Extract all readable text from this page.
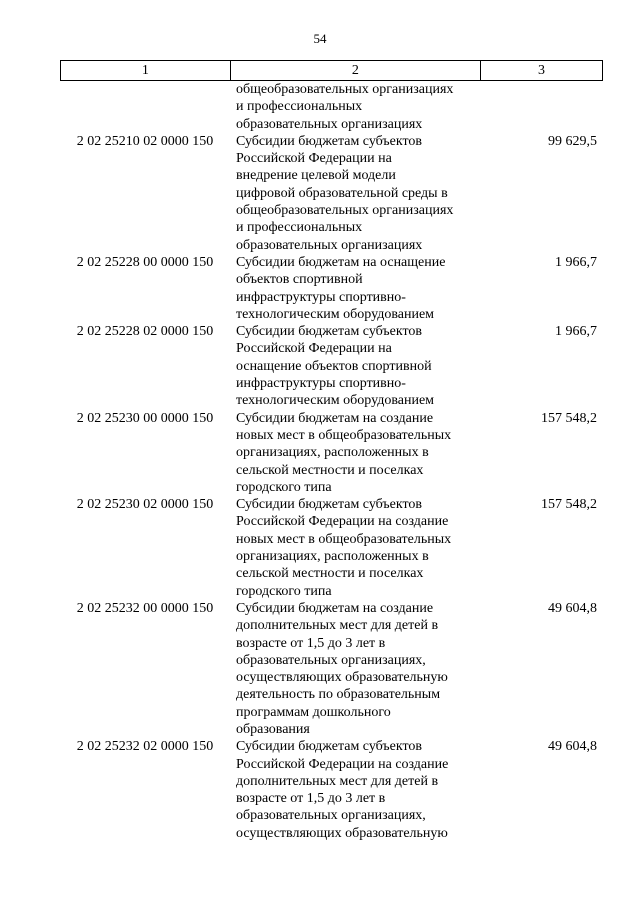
54
1	2	3
общеобразовательных организациях
и профессиональных
образовательных организациях
2 02 25210 02 0000 150	Субсидии бюджетам субъектов
Российской Федерации на
внедрение целевой модели
цифровой образовательной среды в
общеобразовательных организациях
и профессиональных
образовательных организациях
99 629,5
2 02 25228 00 0000 150	Субсидии бюджетам на оснащение
объектов спортивной
инфраструктуры спортивно-
технологическим оборудованием
1 966,7
2 02 25228 02 0000 150	Субсидии бюджетам субъектов
Российской Федерации на
оснащение объектов спортивной
инфраструктуры спортивно-
технологическим оборудованием
1 966,7
2 02 25230 00 0000 150	Субсидии бюджетам на создание
новых мест в общеобразовательных
организациях, расположенных в
сельской местности и поселках
городского типа
157 548,2
2 02 25230 02 0000 150	Субсидии бюджетам субъектов
Российской Федерации на создание
новых мест в общеобразовательных
организациях, расположенных в
сельской местности и поселках
городского типа
157 548,2
2 02 25232 00 0000 150	Субсидии бюджетам на создание
дополнительных мест для детей в
возрасте от 1,5 до 3 лет в
образовательных организациях,
осуществляющих образовательную
деятельность по образовательным
программам дошкольного
образования
49 604,8
2 02 25232 02 0000 150	Субсидии бюджетам субъектов
Российской Федерации на создание
дополнительных мест для детей в
возрасте от 1,5 до 3 лет в
образовательных организациях,
осуществляющих образовательную
49 604,8
